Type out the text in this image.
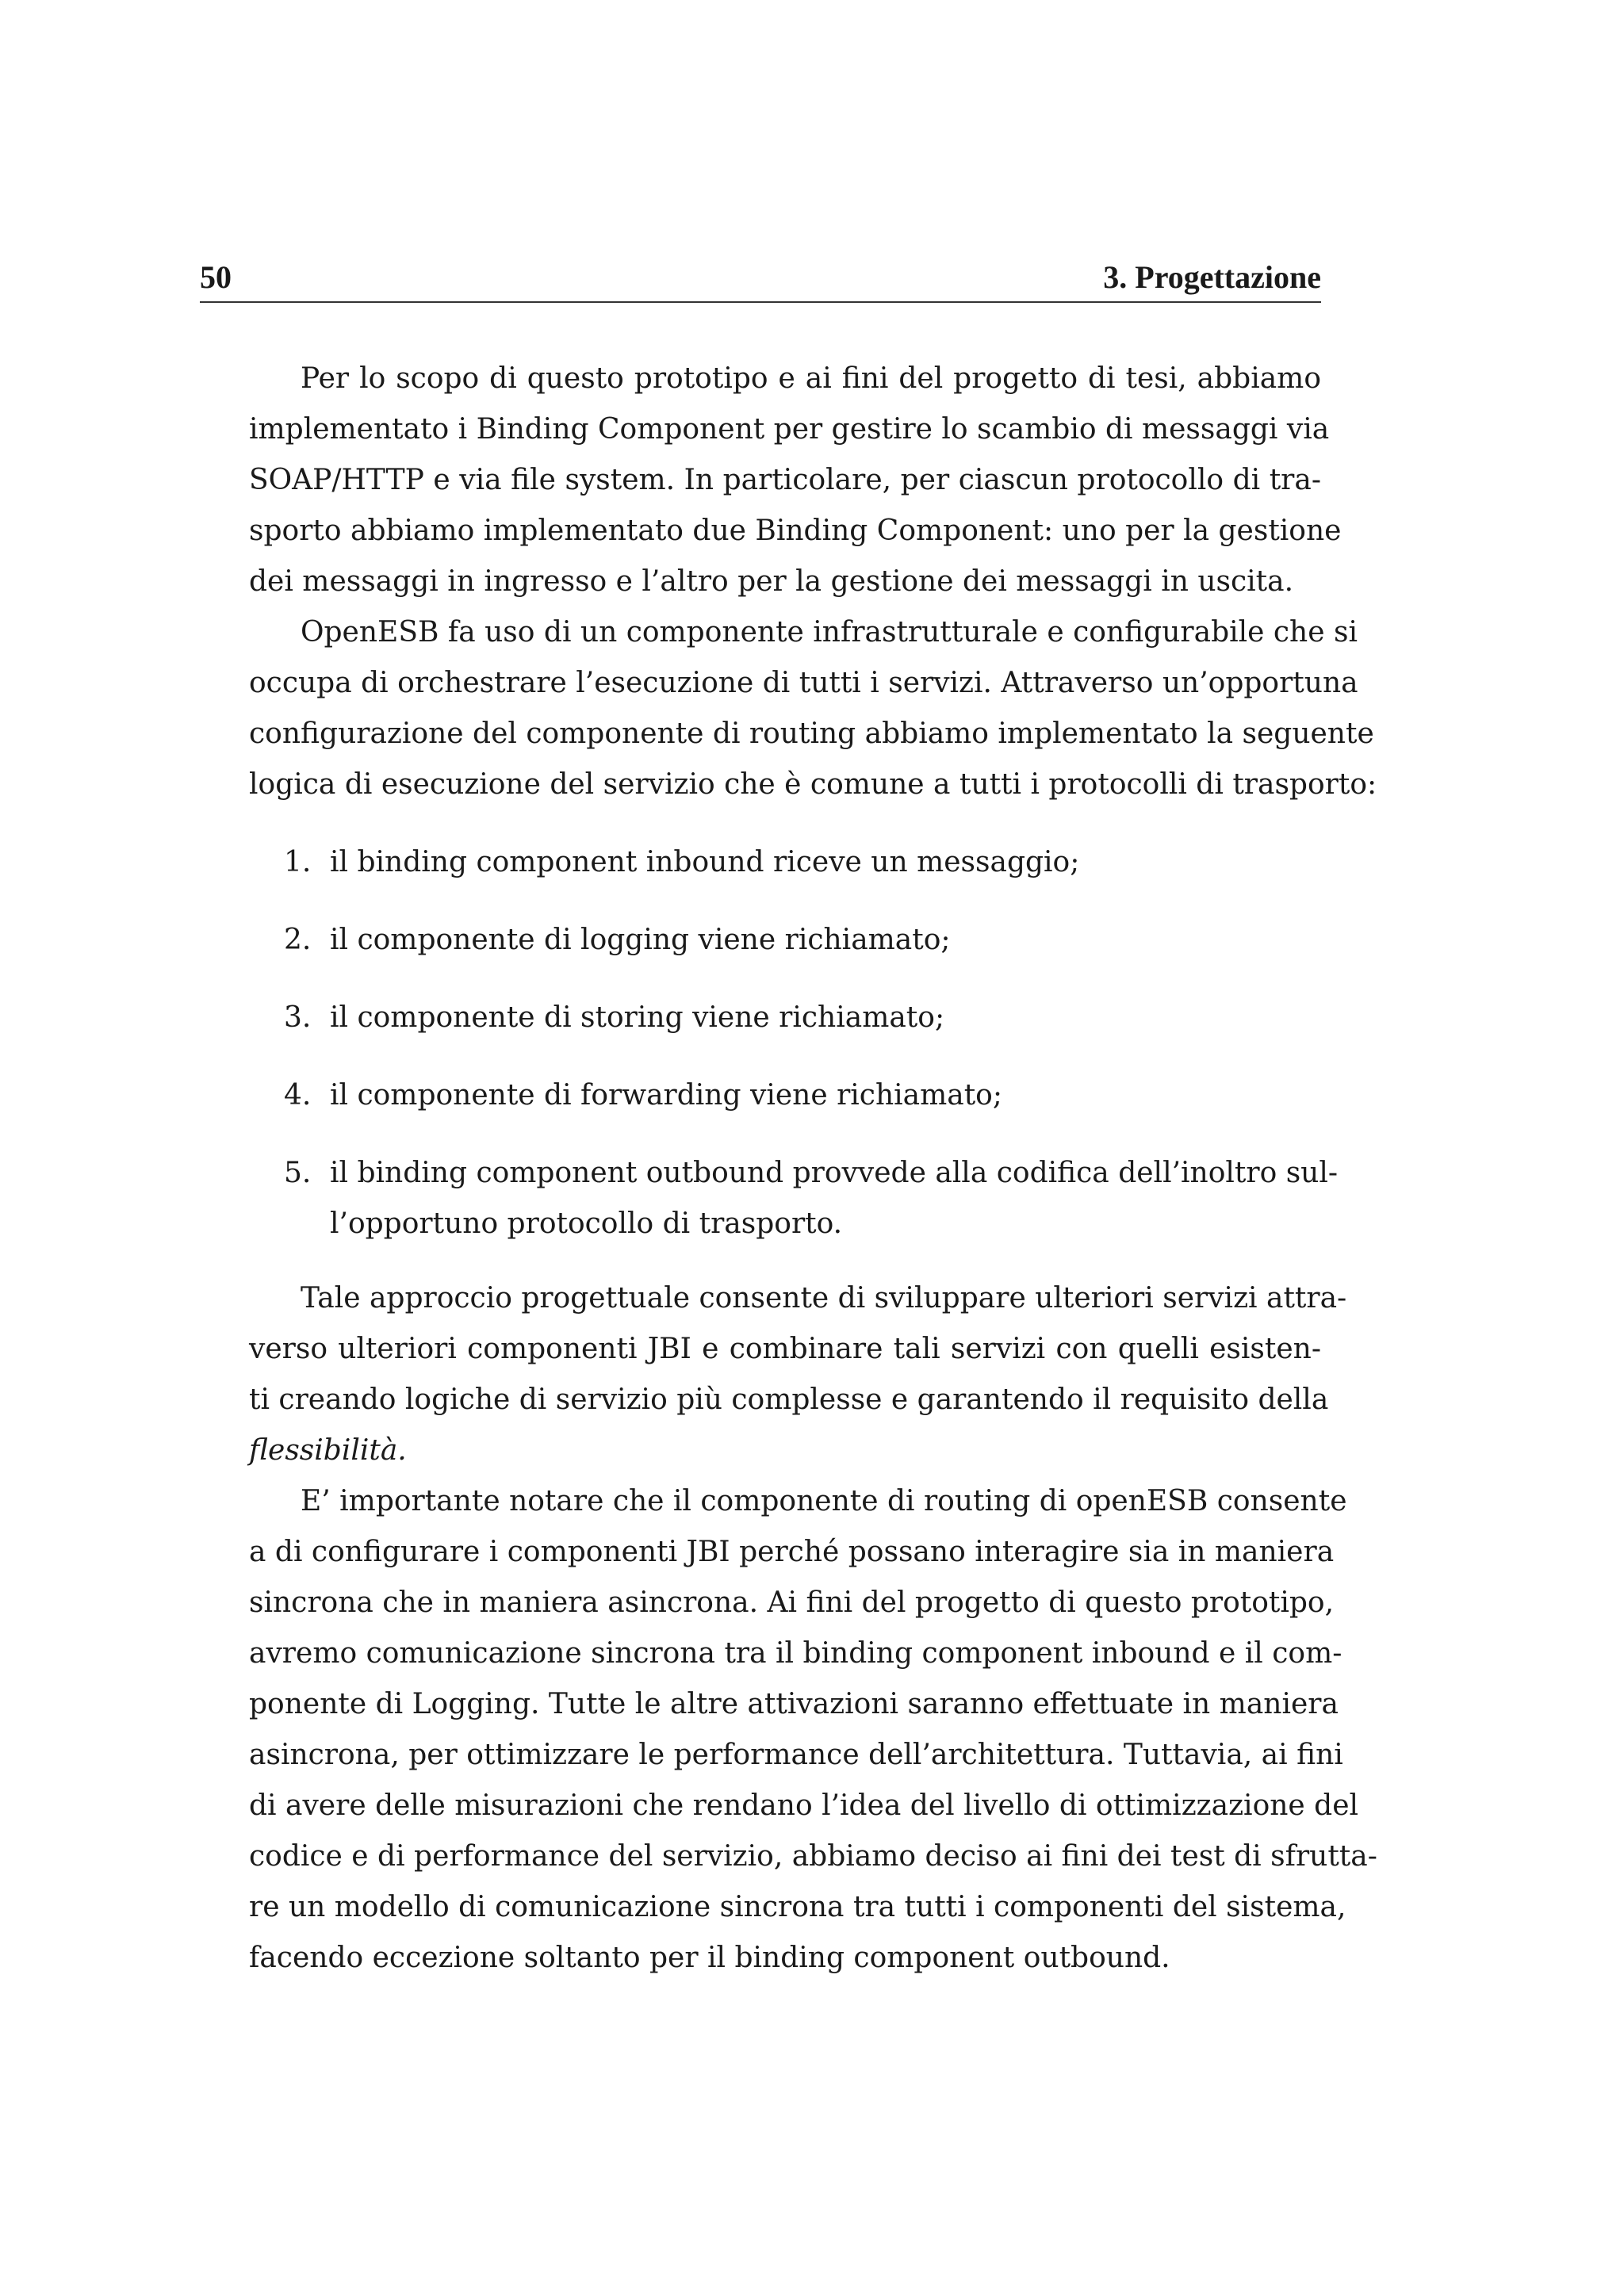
50	3. Progettazione
Per lo scopo di questo prototipo e ai fini del progetto di tesi, abbiamo
implementato i Binding Component per gestire lo scambio di messaggi via
SOAP/HTTP e via file system. In particolare, per ciascun protocollo di tra-
sporto abbiamo implementato due Binding Component: uno per la gestione
dei messaggi in ingresso e l’altro per la gestione dei messaggi in uscita.
OpenESB fa uso di un componente infrastrutturale e configurabile che si
occupa di orchestrare l’esecuzione di tutti i servizi. Attraverso un’opportuna
configurazione del componente di routing abbiamo implementato la seguente
logica di esecuzione del servizio che è comune a tutti i protocolli di trasporto:
1. il binding component inbound riceve un messaggio;
2. il componente di logging viene richiamato;
3. il componente di storing viene richiamato;
4. il componente di forwarding viene richiamato;
5. il binding component outbound provvede alla codifica dell’inoltro sul-
l’opportuno protocollo di trasporto.
Tale approccio progettuale consente di sviluppare ulteriori servizi attra-
verso ulteriori componenti JBI e combinare tali servizi con quelli esisten-
ti creando logiche di servizio più complesse e garantendo il requisito della
flessibilità.
E’ importante notare che il componente di routing di openESB consente
a di configurare i componenti JBI perché possano interagire sia in maniera
sincrona che in maniera asincrona. Ai fini del progetto di questo prototipo,
avremo comunicazione sincrona tra il binding component inbound e il com-
ponente di Logging. Tutte le altre attivazioni saranno effettuate in maniera
asincrona, per ottimizzare le performance dell’architettura. Tuttavia, ai fini
di avere delle misurazioni che rendano l’idea del livello di ottimizzazione del
codice e di performance del servizio, abbiamo deciso ai fini dei test di sfrutta-
re un modello di comunicazione sincrona tra tutti i componenti del sistema,
facendo eccezione soltanto per il binding component outbound.
